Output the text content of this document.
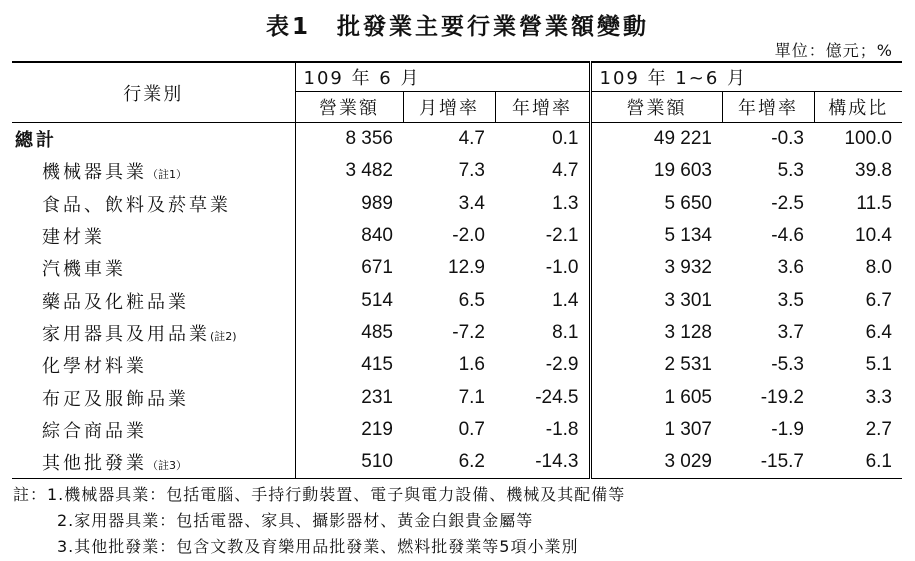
表1　批發業主要行業營業額變動
單位：億元；%
行業別	109 年 6 月			109 年 1~6 月		
	營業額	月增率	年增率	營業額	年增率	構成比
總計	8 356	4.7	0.1	49 221	-0.3	100.0
機械器具業（註1）	3 482	7.3	4.7	19 603	5.3	39.8
食品、飲料及菸草業	989	3.4	1.3	5 650	-2.5	11.5
建材業	840	-2.0	-2.1	5 134	-4.6	10.4
汽機車業	671	12.9	-1.0	3 932	3.6	8.0
藥品及化粧品業	514	6.5	1.4	3 301	3.5	6.7
家用器具及用品業(註2)	485	-7.2	8.1	3 128	3.7	6.4
化學材料業	415	1.6	-2.9	2 531	-5.3	5.1
布疋及服飾品業	231	7.1	-24.5	1 605	-19.2	3.3
綜合商品業	219	0.7	-1.8	1 307	-1.9	2.7
其他批發業（註3）	510	6.2	-14.3	3 029	-15.7	6.1
註：1.機械器具業：包括電腦、手持行動裝置、電子與電力設備、機械及其配備等
2.家用器具業：包括電器、家具、攝影器材、黃金白銀貴金屬等
3.其他批發業：包含文教及育樂用品批發業、燃料批發業等5項小業別
